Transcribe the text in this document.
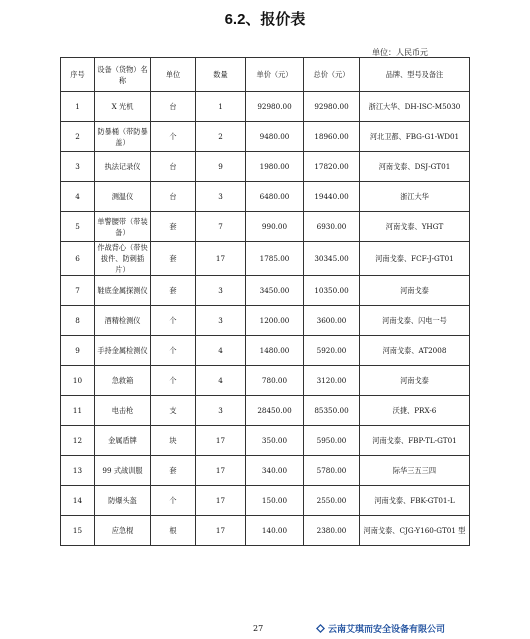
6.2、报价表
单位：人民币元
序号	设备（货物）名称	单位	数量	单价（元）	总价（元）	品牌、型号及备注
1	X 光机	台	1	92980.00	92980.00	浙江大华、DH-ISC-M5030
2	防暴桶（带防暴盖）	个	2	9480.00	18960.00	河北卫都、FBG-G1-WD01
3	执法记录仪	台	9	1980.00	17820.00	河南戈泰、DSJ-GT01
4	测温仪	台	3	6480.00	19440.00	浙江大华
5	单警腰带（带装备）	套	7	990.00	6930.00	河南戈泰、YHGT
6	作战背心（带快拔件、防刺插片）	套	17	1785.00	30345.00	河南戈泰、FCF-J-GT01
7	鞋底金属探测仪	套	3	3450.00	10350.00	河南戈泰
8	酒精检测仪	个	3	1200.00	3600.00	河南戈泰、闪电一号
9	手持金属检测仪	个	4	1480.00	5920.00	河南戈泰、AT2008
10	急救箱	个	4	780.00	3120.00	河南戈泰
11	电击枪	支	3	28450.00	85350.00	沃捷、PRX-6
12	金属盾牌	块	17	350.00	5950.00	河南戈泰、FBP-TL-GT01
13	99 式战训服	套	17	340.00	5780.00	际华三五三四
14	防爆头盔	个	17	150.00	2550.00	河南戈泰、FBK-GT01-L
15	应急棍	根	17	140.00	2380.00	河南戈泰、CJG-Y160-GT01 型
27	云南艾琪而安全设备有限公司
